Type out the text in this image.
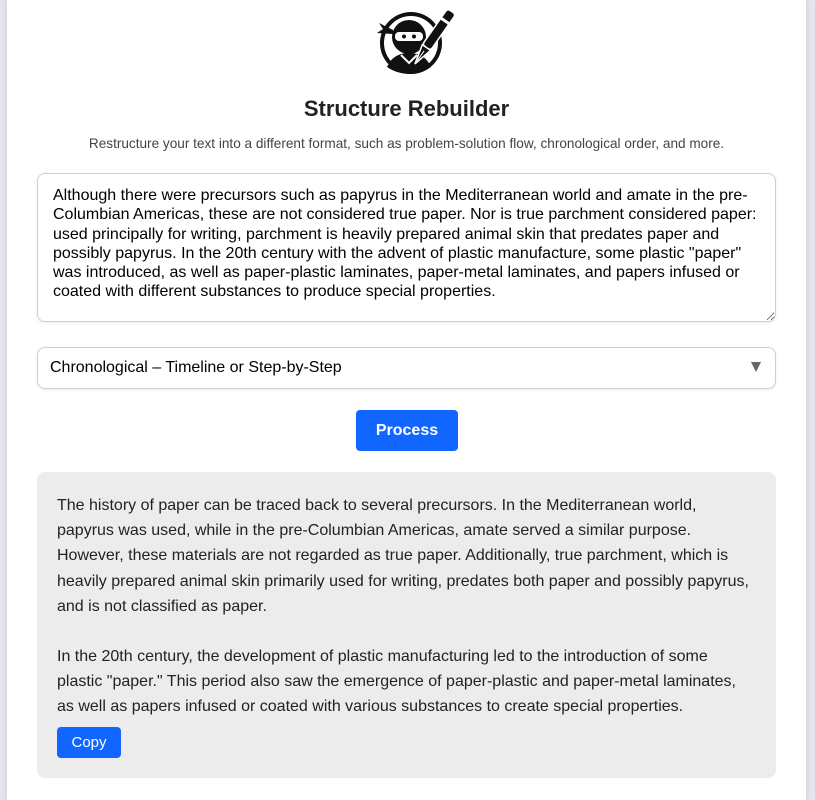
Structure Rebuilder

Restructure your text into a different format, such as problem-solution flow, chronological order, and more.

Although there were precursors such as papyrus in the Mediterranean world and amate in the pre-Columbian Americas, these are not considered true paper. Nor is true parchment considered paper: used principally for writing, parchment is heavily prepared animal skin that predates paper and possibly papyrus. In the 20th century with the advent of plastic manufacture, some plastic "paper" was introduced, as well as paper-plastic laminates, paper-metal laminates, and papers infused or coated with different substances to produce special properties.
Chronological – Timeline or Step-by-Step
Process

The history of paper can be traced back to several precursors. In the Mediterranean world, papyrus was used, while in the pre-Columbian Americas, amate served a similar purpose. However, these materials are not regarded as true paper. Additionally, true parchment, which is heavily prepared animal skin primarily used for writing, predates both paper and possibly papyrus, and is not classified as paper.

In the 20th century, the development of plastic manufacturing led to the introduction of some plastic "paper." This period also saw the emergence of paper-plastic and paper-metal laminates, as well as papers infused or coated with various substances to create special properties.

Copy
